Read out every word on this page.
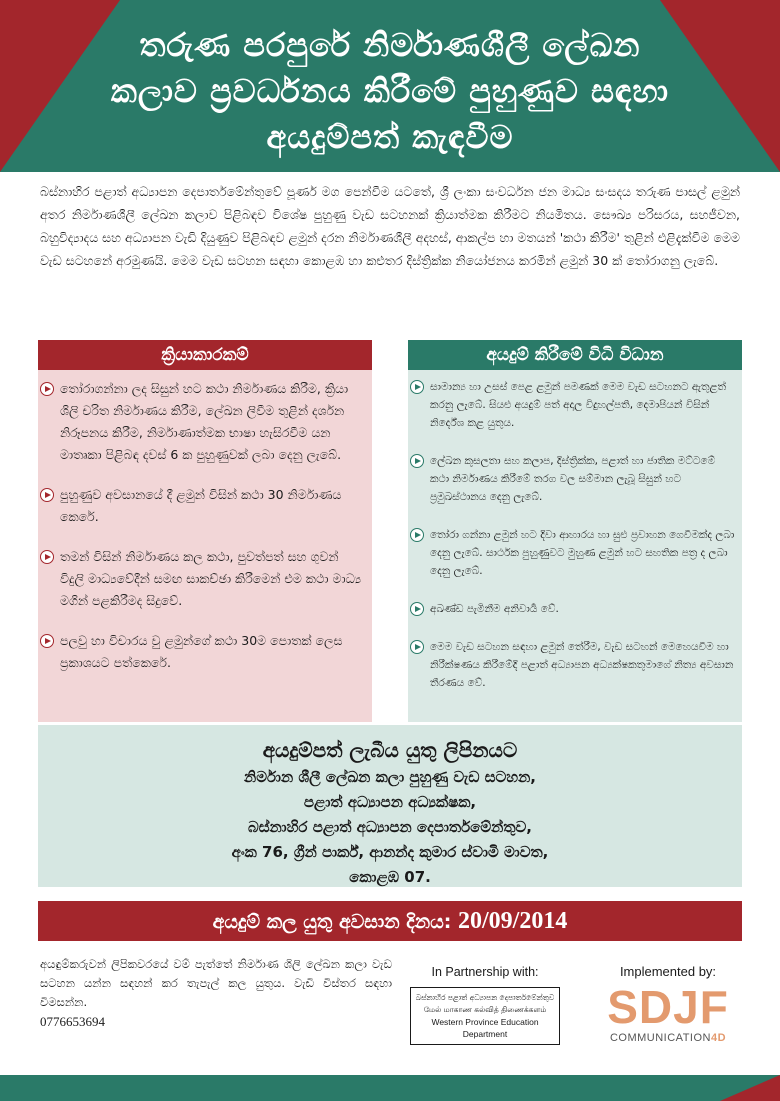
තරුණ පරපුරේ නිර්මාණශීලී ලේඛන
කලාව ප්‍රවර්ධනය කිරීමේ පුහුණුව සඳහා
අයදුම්පත් කැඳවීම

බස්නාහිර පළාත් අධ්‍යාපන දෙපාර්තමේන්තුවේ පූර්ණ මග පෙන්වීම යටතේ, ශ්‍රී ලංකා සංවර්ධන ජන මාධ්‍ය සංසදය තරුණ පාසල් ළමුන් අතර නිර්මාණශීලී ලේඛන කලාව පිළිබඳව විශේෂ පුහුණු වැඩ සටහනක් ක්‍රියාත්මක කිරීමට නියමිතය. සෞඛ්‍ය පරිසරය, සහජීවන, බහුවිද්‍යාදය සහ අධ්‍යාපන වැඩි දියුණුව පිළිබඳව ළමුන් දරන නිර්මාණශීලී අදහස්, ආකල්ප හා මතයන් 'කථා කිරීම' තුළින් එළිදැක්වීම මෙම වැඩ සටහනේ අරමුණයි. මෙම වැඩ සටහන සඳහා කොළඹ හා කළුතර දිස්ත්‍රික්ක නියෝජනය කරමින් ළමුන් 30 ක් තෝරාගනු ලැබේ.

ක්‍රියාකාරකම්
තෝරාගන්නා ලද සිසුන් හට කථා නිර්මාණය කිරීම, ක්‍රියා ශිලි චරිත නිර්මාණය කිරීම, ලේඛන ලිවීම තුළින් දර්ශන නිරූපනය කිරීම, නිර්මාණාත්මක භාෂා හැසිරවීම යන මාතෘකා පිළිබඳ දවස් 6 ක පුහුණුවක් ලබා දෙනු ලැබේ.
පුහුණුව අවසානයේ දී ළමුන් විසින් කථා 30 නිර්මාණය කෙරේ.
තමන් විසින් නිර්මාණය කල කථා, පුවත්පත් සහ ගුවන් විදුලි මාධ්‍යවේදීන් සමඟ සාකච්ඡා කිරීමෙන් එම කථා මාධ්‍ය මගින් පළකිරීමද සිදුවේ.
පලවු හා විචාරය වු ළමුන්ගේ කථා 30ම පොතක් ලෙස ප්‍රකාශයට පත්කෙරේ.
අයදුම් කිරීමේ විධි විධාන
සාමාන්‍ය හා උසස් පෙළ ළමුන් පමණක් මෙම වැඩ සටහනට ඇතුළත් කරනු ලැබේ. සියළු අයදුම් පත් අදාල විදුහල්පති, දෙමාපියන් විසින් නිර්දේශ කළ යුතුය.
ලේඛන කුසලතා සහ කලාප, දිස්ත්‍රික්ක, පළාත් හා ජාතික මට්ටමේ කථා නිර්මාණය කිරීමේ තරග වල සම්මාන ලැබූ සිසුන් හට ප්‍රමුඛස්ථානය දෙනු ලැබේ.
තෝරා ගන්නා ළමුන් හට දිවා ආහාරය හා සුළු ප්‍රවාහන ගෙවීමක්ද ලබා දෙනු ලැබේ. සාර්ථක පුහුණුවට මුහුණ ළමුන් හට සහතික පත්‍ර ද ලබා දෙනු ලැබේ.
අඛණ්ඩ පැමිනීම අනිවාර්‍ය වේ.
මෙම වැඩ සටහන සඳහා ළමුන් තේරීම, වැඩ සටහන් මෙහෙයවීම හා නිරීක්ෂණය කිරීමේදි පළාත් අධ්‍යාපන අධ්‍යක්ෂකතුමාගේ නිත්‍ය අවසාන තීරණය වේ.
අයදුම්පත් ලැබීය යුතු ලිපිනයට
නිර්මාන ශීලී ලේඛන කලා පුහුණු වැඩ සටහන,
පළාත් අධ්‍යාපන අධ්‍යක්ෂක,
බස්නාහිර පළාත් අධ්‍යාපන දෙපාර්තමේන්තුව,
අංක 76, ග්‍රීන් පාර්ක්, ආනන්ද කුමාර ස්වාමි මාවත,
කොළඹ 07.
අයදුම් කල යුතු අවසාන දිනය: 20/09/2014
අයඳුම්කරුවන් ලිපිකවරයේ වම් පැත්තේ නිර්මාණ ශිලි ලේඛන කලා වැඩ සටහන යන්න සඳහන් කර තැපැල් කල යුතුය. වැඩි විස්තර සඳහා විමසන්න.
0776653694
In Partnership with:
බස්නාහිර පළාත් අධ්‍යාපන දෙපාර්තමේන්තුව
மேல் மாகாண கல்வித் திணைக்களம்
Western Province Education Department
Implemented by:
SDJF
COMMUNICATION4D
